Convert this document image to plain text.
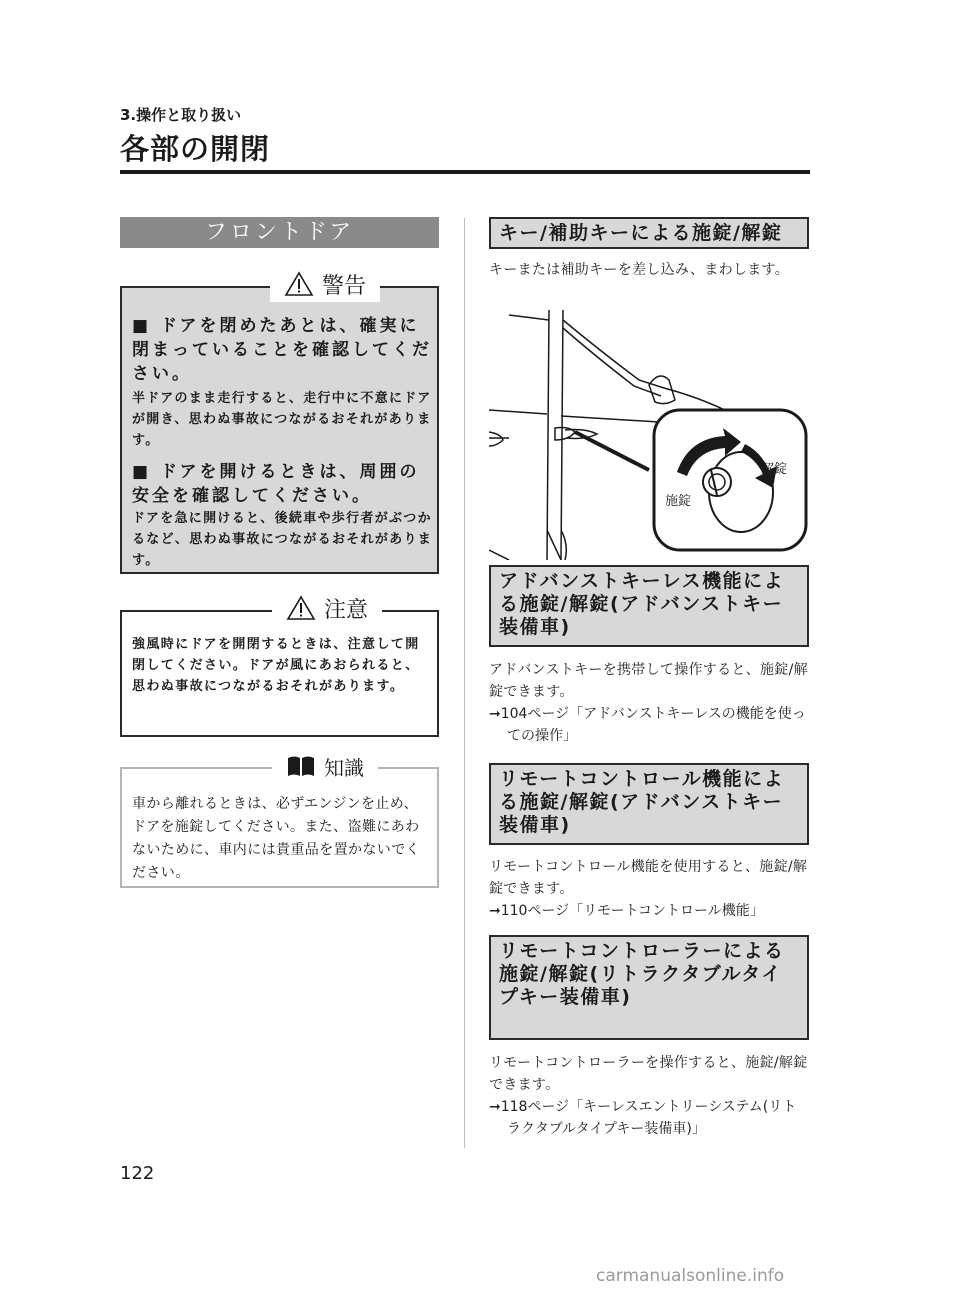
3.操作と取り扱い
各部の開閉
フロントドア
警告
■ ドアを閉めたあとは、確実に閉まっていることを確認してください。
半ドアのまま走行すると、走行中に不意にドアが開き、思わぬ事故につながるおそれがあります。
■ ドアを開けるときは、周囲の安全を確認してください。
ドアを急に開けると、後続車や歩行者がぶつかるなど、思わぬ事故につながるおそれがあります。
注意
強風時にドアを開閉するときは、注意して開閉してください。ドアが風にあおられると、思わぬ事故につながるおそれがあります。
知識
車から離れるときは、必ずエンジンを止め、ドアを施錠してください。また、盗難にあわないために、車内には貴重品を置かないでください。
キー/補助キーによる施錠/解錠
キーまたは補助キーを差し込み、まわします。
施錠
解錠
アドバンストキーレス機能による施錠/解錠(アドバンストキー装備車)
アドバンストキーを携帯して操作すると、施錠/解錠できます。
➞104ページ「アドバンストキーレスの機能を使っての操作」
リモートコントロール機能による施錠/解錠(アドバンストキー装備車)
リモートコントロール機能を使用すると、施錠/解錠できます。
➞110ページ「リモートコントロール機能」
リモートコントローラーによる施錠/解錠(リトラクタブルタイプキー装備車)
リモートコントローラーを操作すると、施錠/解錠できます。
➞118ページ「キーレスエントリーシステム(リトラクタブルタイプキー装備車)」
122
carmanualsonline.info
